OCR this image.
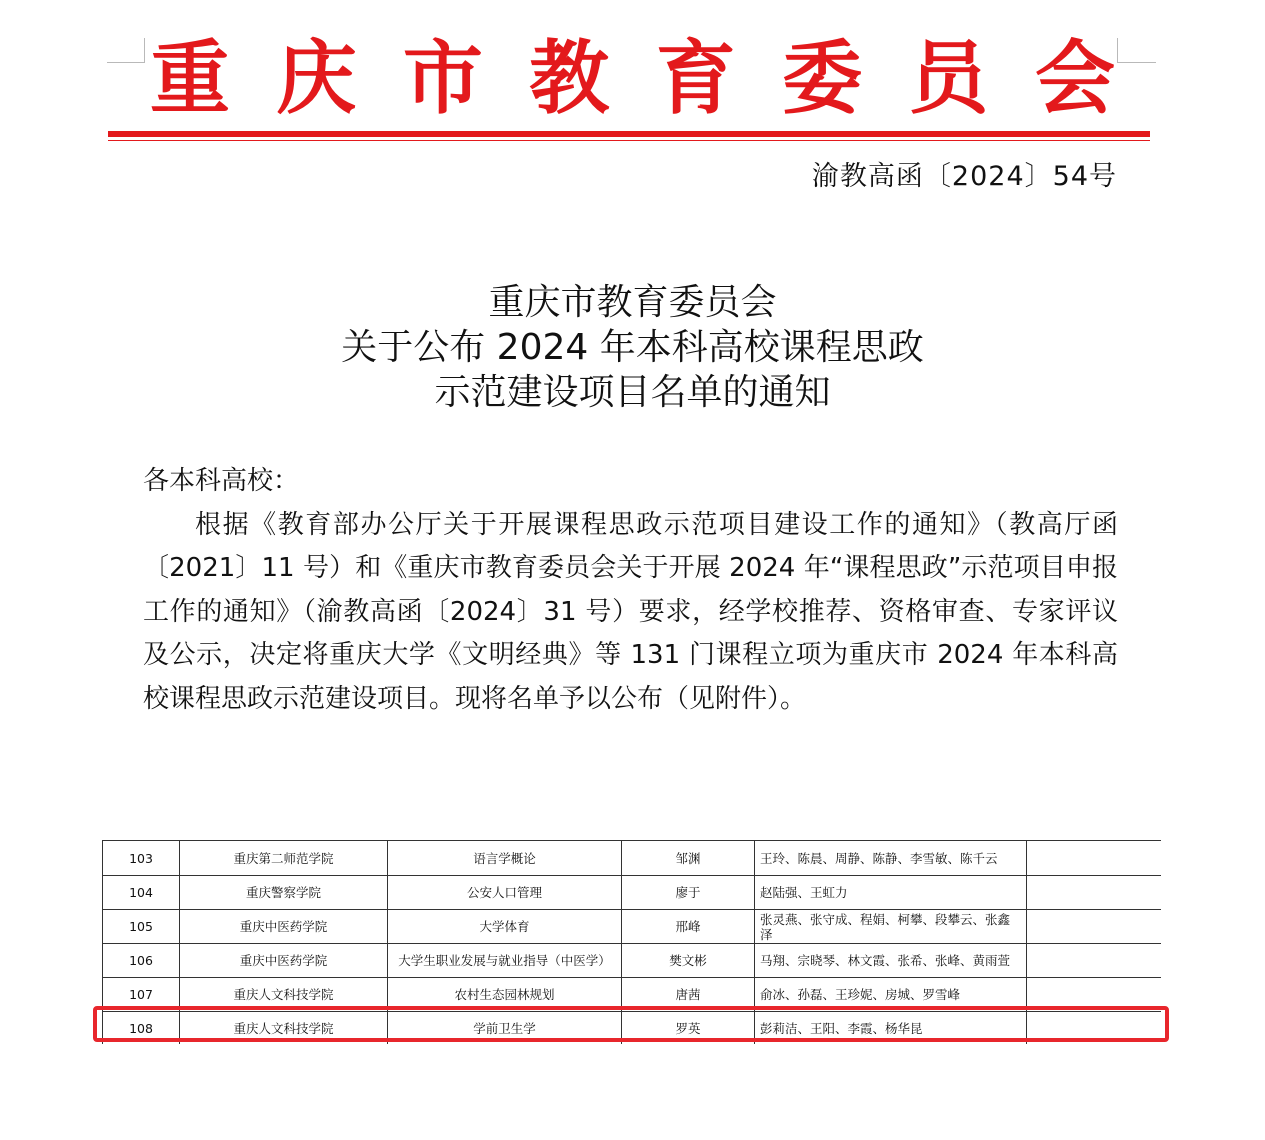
重 庆 市 教 育 委 员 会
渝教高函〔2024〕54号
重庆市教育委员会
关于公布 2024 年本科高校课程思政
示范建设项目名单的通知
各本科高校：
根据《教育部办公厅关于开展课程思政示范项目建设工作的通知》（教高厅函〔2021〕11 号）和《重庆市教育委员会关于开展 2024 年“课程思政”示范项目申报工作的通知》（渝教高函〔2024〕31 号）要求，经学校推荐、资格审查、专家评议及公示，决定将重庆大学《文明经典》等 131 门课程立项为重庆市 2024 年本科高校课程思政示范建设项目。现将名单予以公布（见附件）。
103	重庆第二师范学院	语言学概论	邹渊	王玲、陈晨、周静、陈静、李雪敏、陈千云	
104	重庆警察学院	公安人口管理	廖于	赵陆强、王虹力	
105	重庆中医药学院	大学体育	邢峰	张灵燕、张守成、程娟、柯攀、段攀云、张鑫泽	
106	重庆中医药学院	大学生职业发展与就业指导（中医学）	樊文彬	马翔、宗晓琴、林文霞、张希、张峰、黄雨萱	
107	重庆人文科技学院	农村生态园林规划	唐茜	俞冰、孙磊、王珍妮、房城、罗雪峰	
108	重庆人文科技学院	学前卫生学	罗英	彭莉洁、王阳、李霞、杨华昆	
